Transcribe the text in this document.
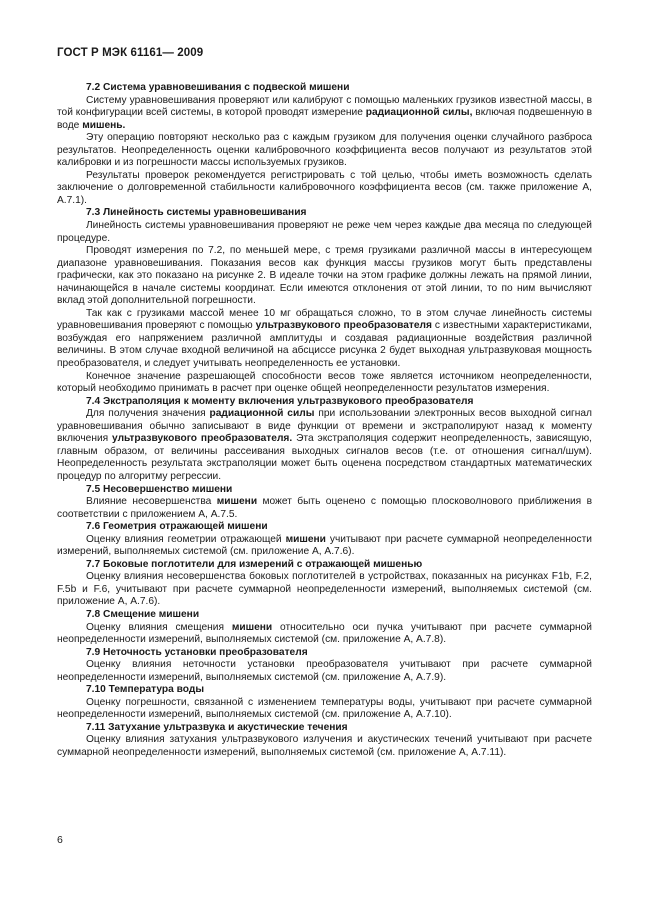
ГОСТ Р МЭК 61161— 2009
7.2 Система уравновешивания с подвеской мишени

Систему уравновешивания проверяют или калибруют с помощью маленьких грузиков известной массы, в той конфигурации всей системы, в которой проводят измерение радиационной силы, включая подвешенную в воде мишень.

Эту операцию повторяют несколько раз с каждым грузиком для получения оценки случайного разброса результатов. Неопределенность оценки калибровочного коэффициента весов получают из результатов этой калибровки и из погрешности массы используемых грузиков.

Результаты проверок рекомендуется регистрировать с той целью, чтобы иметь возможность сделать заключение о долговременной стабильности калибровочного коэффициента весов (см. также приложение А, А.7.1).

7.3 Линейность системы уравновешивания

Линейность системы уравновешивания проверяют не реже чем через каждые два месяца по следующей процедуре.

Проводят измерения по 7.2, по меньшей мере, с тремя грузиками различной массы в интересующем диапазоне уравновешивания. Показания весов как функция массы грузиков могут быть представлены графически, как это показано на рисунке 2. В идеале точки на этом графике должны лежать на прямой линии, начинающейся в начале системы координат. Если имеются отклонения от этой линии, то по ним вычисляют вклад этой дополнительной погрешности.

Так как с грузиками массой менее 10 мг обращаться сложно, то в этом случае линейность системы уравновешивания проверяют с помощью ультразвукового преобразователя с известными характеристиками, возбуждая его напряжением различной амплитуды и создавая радиационные воздействия различной величины. В этом случае входной величиной на абсциссе рисунка 2 будет выходная ультразвуковая мощность преобразователя, и следует учитывать неопределенность ее установки.

Конечное значение разрешающей способности весов тоже является источником неопределенности, который необходимо принимать в расчет при оценке общей неопределенности результатов измерения.

7.4 Экстраполяция к моменту включения ультразвукового преобразователя

Для получения значения радиационной силы при использовании электронных весов выходной сигнал уравновешивания обычно записывают в виде функции от времени и экстраполируют назад к моменту включения ультразвукового преобразователя. Эта экстраполяция содержит неопределенность, зависящую, главным образом, от величины рассеивания выходных сигналов весов (т.е. от отношения сигнал/шум). Неопределенность результата экстраполяции может быть оценена посредством стандартных математических процедур по алгоритму регрессии.

7.5 Несовершенство мишени

Влияние несовершенства мишени может быть оценено с помощью плосковолнового приближения в соответствии с приложением А, А.7.5.

7.6 Геометрия отражающей мишени

Оценку влияния геометрии отражающей мишени учитывают при расчете суммарной неопределенности измерений, выполняемых системой (см. приложение А, А.7.6).

7.7 Боковые поглотители для измерений с отражающей мишенью

Оценку влияния несовершенства боковых поглотителей в устройствах, показанных на рисунках F1b, F.2, F.5b и F.6, учитывают при расчете суммарной неопределенности измерений, выполняемых системой (см. приложение А, А.7.6).

7.8 Смещение мишени

Оценку влияния смещения мишени относительно оси пучка учитывают при расчете суммарной неопределенности измерений, выполняемых системой (см. приложение А, А.7.8).

7.9 Неточность установки преобразователя

Оценку влияния неточности установки преобразователя учитывают при расчете суммарной неопределенности измерений, выполняемых системой (см. приложение А, А.7.9).

7.10 Температура воды

Оценку погрешности, связанной с изменением температуры воды, учитывают при расчете суммарной неопределенности измерений, выполняемых системой (см. приложение А, А.7.10).

7.11 Затухание ультразвука и акустические течения

Оценку влияния затухания ультразвукового излучения и акустических течений учитывают при расчете суммарной неопределенности измерений, выполняемых системой (см. приложение А, А.7.11).

6
